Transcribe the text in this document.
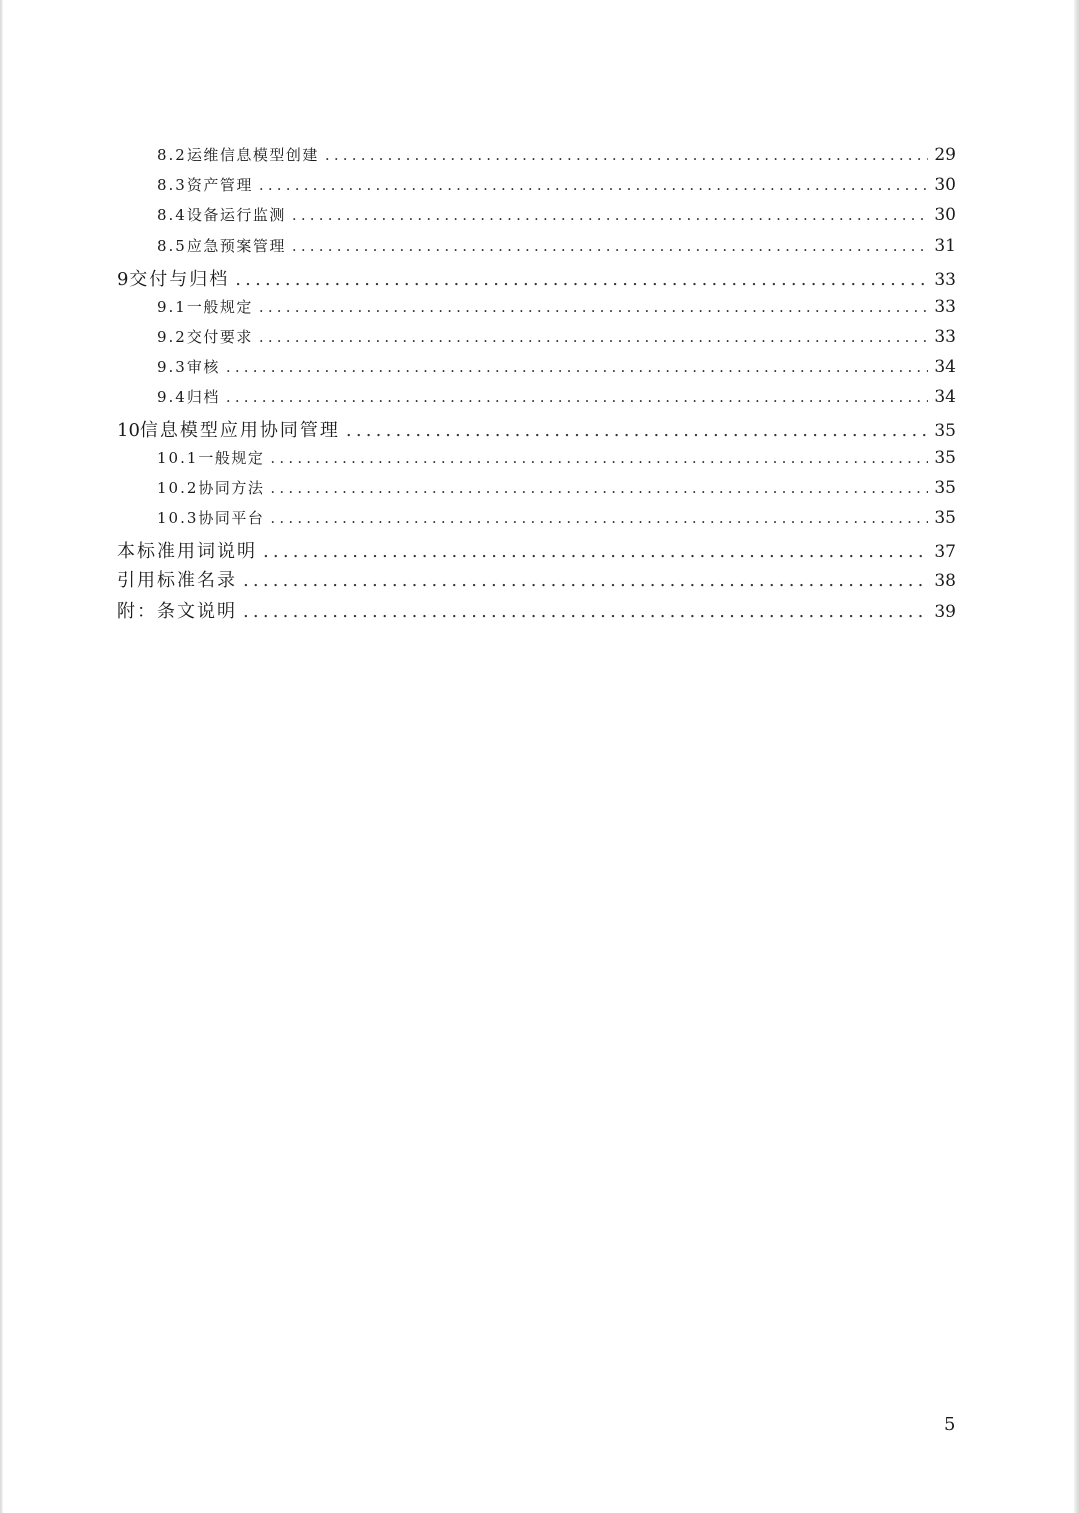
8.2 运维信息模型创建 .....	29
8.3 资产管理 .....	30
8.4 设备运行监测 .....	30
8.5 应急预案管理 .....	31
9 交付与归档 .....	33
9.1 一般规定 .....	33
9.2 交付要求 .....	33
9.3 审核 .....	34
9.4 归档 .....	34
10 信息模型应用协同管理 .....	35
10.1 一般规定 .....	35
10.2 协同方法 .....	35
10.3 协同平台 .....	35
本标准用词说明 .....	37
引用标准名录 .....	38
附：条文说明 .....	39
5
